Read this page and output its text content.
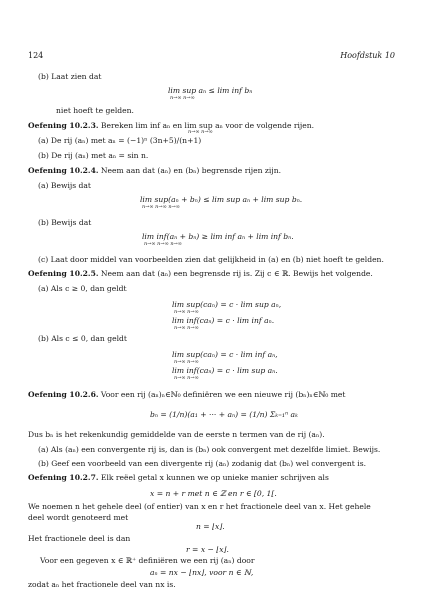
124	Hoofdstuk 10
(b) Laat zien dat
lim sup aₙ ≤ lim inf bₙ
n→∞ n→∞
niet hoeft te gelden.
Oefening 10.2.3. Bereken lim inf aₙ en lim sup aₙ voor de volgende rijen.
n→∞ n→∞
(a) De rij (aₙ) met aₙ = (−1)ⁿ (3n+5)/(n+1)
(b) De rij (aₙ) met aₙ = sin n.
Oefening 10.2.4. Neem aan dat (aₙ) en (bₙ) begrensde rijen zijn.
(a) Bewijs dat
lim sup(aₙ + bₙ) ≤ lim sup aₙ + lim sup bₙ.
n→∞ n→∞ n→∞
(b) Bewijs dat
lim inf(aₙ + bₙ) ≥ lim inf aₙ + lim inf bₙ.
n→∞ n→∞ n→∞
(c) Laat door middel van voorbeelden zien dat gelijkheid in (a) en (b) niet hoeft te gelden.
Oefening 10.2.5. Neem aan dat (aₙ) een begrensde rij is. Zij c ∈ ℝ. Bewijs het volgende.
(a) Als c ≥ 0, dan geldt
lim sup(caₙ) = c · lim sup aₙ,
n→∞ n→∞
lim inf(caₙ) = c · lim inf aₙ.
n→∞ n→∞
(b) Als c ≤ 0, dan geldt
lim sup(caₙ) = c · lim inf aₙ,
n→∞ n→∞
lim inf(caₙ) = c · lim sup aₙ.
n→∞ n→∞
Oefening 10.2.6. Voor een rij (aₙ)ₙ∈ℕ₀ definiëren we een nieuwe rij (bₙ)ₙ∈ℕ₀ met
bₙ = (1/n)(a₁ + ··· + aₙ) = (1/n) Σₖ₌₁ⁿ aₖ
Dus bₙ is het rekenkundig gemiddelde van de eerste n termen van de rij (aₙ).
(a) Als (aₙ) een convergente rij is, dan is (bₙ) ook convergent met dezelfde limiet. Bewijs.
(b) Geef een voorbeeld van een divergente rij (aₙ) zodanig dat (bₙ) wel convergent is.
Oefening 10.2.7. Elk reëel getal x kunnen we op unieke manier schrijven als
x = n + r met n ∈ ℤ en r ∈ [0, 1[.
We noemen n het gehele deel (of entier) van x en r het fractionele deel van x. Het gehele
deel wordt genoteerd met
n = ⌊x⌋.
Het fractionele deel is dan
r = x − ⌊x⌋.
Voor een gegeven x ∈ ℝ⁺ definiëren we een rij (aₙ) door
aₙ = nx − ⌊nx⌋, voor n ∈ ℕ,
zodat aₙ het fractionele deel van nx is.
